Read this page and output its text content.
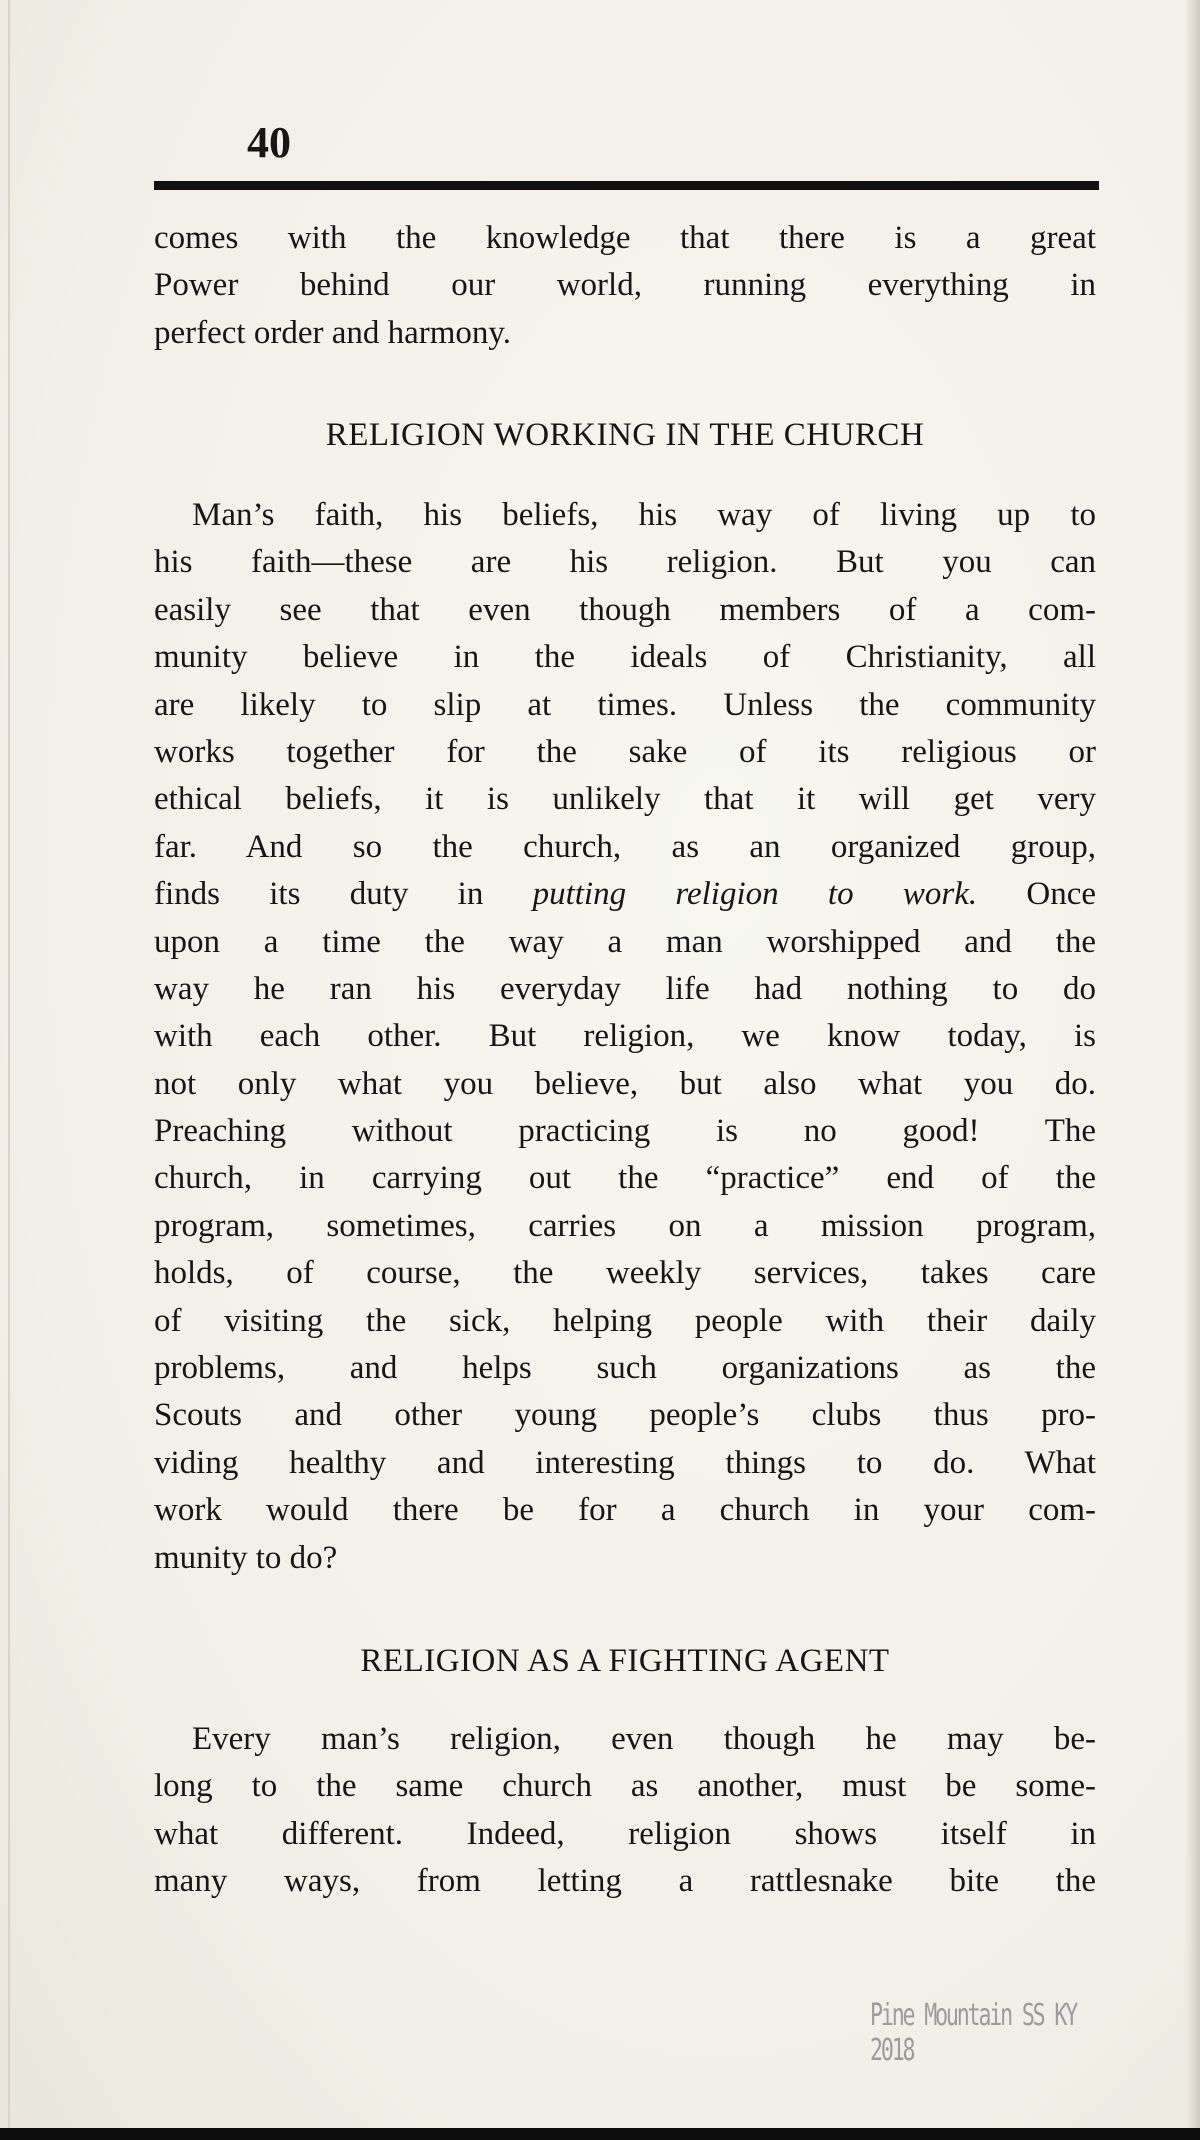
40
comes with the knowledge that there is a great
Power behind our world, running everything in
perfect order and harmony.
RELIGION WORKING IN THE CHURCH
Man’s faith, his beliefs, his way of living up to
his faith—these are his religion. But you can
easily see that even though members of a com-
munity believe in the ideals of Christianity, all
are likely to slip at times. Unless the community
works together for the sake of its religious or
ethical beliefs, it is unlikely that it will get very
far. And so the church, as an organized group,
finds its duty in putting religion to work. Once
upon a time the way a man worshipped and the
way he ran his everyday life had nothing to do
with each other. But religion, we know today, is
not only what you believe, but also what you do.
Preaching without practicing is no good! The
church, in carrying out the “practice” end of the
program, sometimes, carries on a mission program,
holds, of course, the weekly services, takes care
of visiting the sick, helping people with their daily
problems, and helps such organizations as the
Scouts and other young people’s clubs thus pro-
viding healthy and interesting things to do. What
work would there be for a church in your com-
munity to do?
RELIGION AS A FIGHTING AGENT
Every man’s religion, even though he may be-
long to the same church as another, must be some-
what different. Indeed, religion shows itself in
many ways, from letting a rattlesnake bite the
Pine Mountain SS KY 2018
